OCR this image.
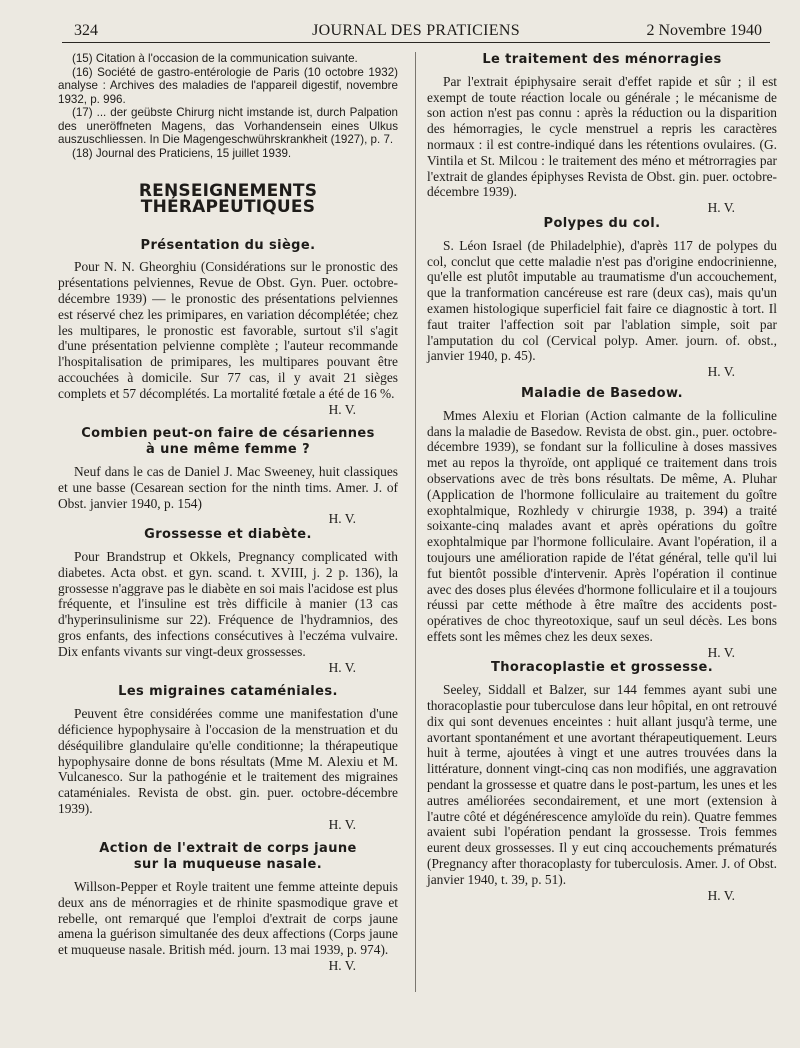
324	JOURNAL DES PRATICIENS	2 Novembre 1940

(15) Citation à l'occasion de la communication suivante.

(16) Société de gastro-entérologie de Paris (10 octobre 1932) analyse : Archives des maladies de l'appareil digestif, novembre 1932, p. 996.

(17) ... der geübste Chirurg nicht imstande ist, durch Palpation des uneröffneten Magens, das Vorhandensein eines Ulkus auszuschliessen. In Die Magengeschwührskrankheit (1927), p. 7.

(18) Journal des Praticiens, 15 juillet 1939.

RENSEIGNEMENTS THÉRAPEUTIQUES
Présentation du siège.

Pour N. N. Gheorghiu (Considérations sur le pronostic des présentations pelviennes, Revue de Obst. Gyn. Puer. octobre-décembre 1939) — le pronostic des présentations pelviennes est réservé chez les primipares, en variation décomplétée; chez les multipares, le pronostic est favorable, surtout s'il s'agit d'une présentation pelvienne complète ; l'auteur recommande l'hospitalisation de primipares, les multipares pouvant être accouchées à domicile. Sur 77 cas, il y avait 21 sièges complets et 57 décomplétés. La mortalité fœtale a été de 16 %.

H. V.

Combien peut-on faire de césariennes
à une même femme ?

Neuf dans le cas de Daniel J. Mac Sweeney, huit classiques et une basse (Cesarean section for the ninth tims. Amer. J. of Obst. janvier 1940, p. 154)

H. V.

Grossesse et diabète.

Pour Brandstrup et Okkels, Pregnancy complicated with diabetes. Acta obst. et gyn. scand. t. XVIII, j. 2 p. 136), la grossesse n'aggrave pas le diabète en soi mais l'acidose est plus fréquente, et l'insuline est très difficile à manier (13 cas d'hyperinsulinisme sur 22). Fréquence de l'hydramnios, des gros enfants, des infections consécutives à l'eczéma vulvaire. Dix enfants vivants sur vingt-deux grossesses.

H. V.

Les migraines cataméniales.

Peuvent être considérées comme une manifestation d'une déficience hypophysaire à l'occasion de la menstruation et du déséquilibre glandulaire qu'elle conditionne; la thérapeutique hypophysaire donne de bons résultats (Mme M. Alexiu et M. Vulcanesco. Sur la pathogénie et le traitement des migraines cataméniales. Revista de obst. gin. puer. octobre-décembre 1939).

H. V.

Action de l'extrait de corps jaune
sur la muqueuse nasale.

Willson-Pepper et Royle traitent une femme atteinte depuis deux ans de ménorragies et de rhinite spasmodique grave et rebelle, ont remarqué que l'emploi d'extrait de corps jaune amena la guérison simultanée des deux affections (Corps jaune et muqueuse nasale. British méd. journ. 13 mai 1939, p. 974).

H. V.

Le traitement des ménorragies

Par l'extrait épiphysaire serait d'effet rapide et sûr ; il est exempt de toute réaction locale ou générale ; le mécanisme de son action n'est pas connu : après la réduction ou la disparition des hémorragies, le cycle menstruel a repris les caractères normaux : il est contre-indiqué dans les rétentions ovulaires. (G. Vintila et St. Milcou : le traitement des méno et métrorragies par l'extrait de glandes épiphyses Revista de Obst. gin. puer. octobre-décembre 1939).

H. V.

Polypes du col.

S. Léon Israel (de Philadelphie), d'après 117 de polypes du col, conclut que cette maladie n'est pas d'origine endocrinienne, qu'elle est plutôt imputable au traumatisme d'un accouchement, que la tranformation cancéreuse est rare (deux cas), mais qu'un examen histologique superficiel fait faire ce diagnostic à tort. Il faut traiter l'affection soit par l'ablation simple, soit par l'amputation du col (Cervical polyp. Amer. journ. of. obst., janvier 1940, p. 45).

H. V.

Maladie de Basedow.

Mmes Alexiu et Florian (Action calmante de la folliculine dans la maladie de Basedow. Revista de obst. gin., puer. octobre-décembre 1939), se fondant sur la folliculine à doses massives met au repos la thyroïde, ont appliqué ce traitement dans trois observations avec de très bons résultats. De même, A. Pluhar (Application de l'hormone folliculaire au traitement du goître exophtalmique, Rozhledy v chirurgie 1938, p. 394) a traité soixante-cinq malades avant et après opérations du goître exophtalmique par l'hormone folliculaire. Avant l'opération, il a toujours une amélioration rapide de l'état général, telle qu'il lui fut bientôt possible d'intervenir. Après l'opération il continue avec des doses plus élevées d'hormone folliculaire et il a toujours réussi par cette méthode à être maître des accidents post-opératives de choc thyreotoxique, sauf un seul décès. Les bons effets sont les mêmes chez les deux sexes.

H. V.

Thoracoplastie et grossesse.

Seeley, Siddall et Balzer, sur 144 femmes ayant subi une thoracoplastie pour tuberculose dans leur hôpital, en ont retrouvé dix qui sont devenues enceintes : huit allant jusqu'à terme, une avortant spontanément et une avortant thérapeutiquement. Leurs huit à terme, ajoutées à vingt et une autres trouvées dans la littérature, donnent vingt-cinq cas non modifiés, une aggravation pendant la grossesse et quatre dans le post-partum, les unes et les autres améliorées secondairement, et une mort (extension à l'autre côté et dégénérescence amyloïde du rein). Quatre femmes avaient subi l'opération pendant la grossesse. Trois femmes eurent deux grossesses. Il y eut cinq accouchements prématurés (Pregnancy after thoracoplasty for tuberculosis. Amer. J. of Obst. janvier 1940, t. 39, p. 51).

H. V.
